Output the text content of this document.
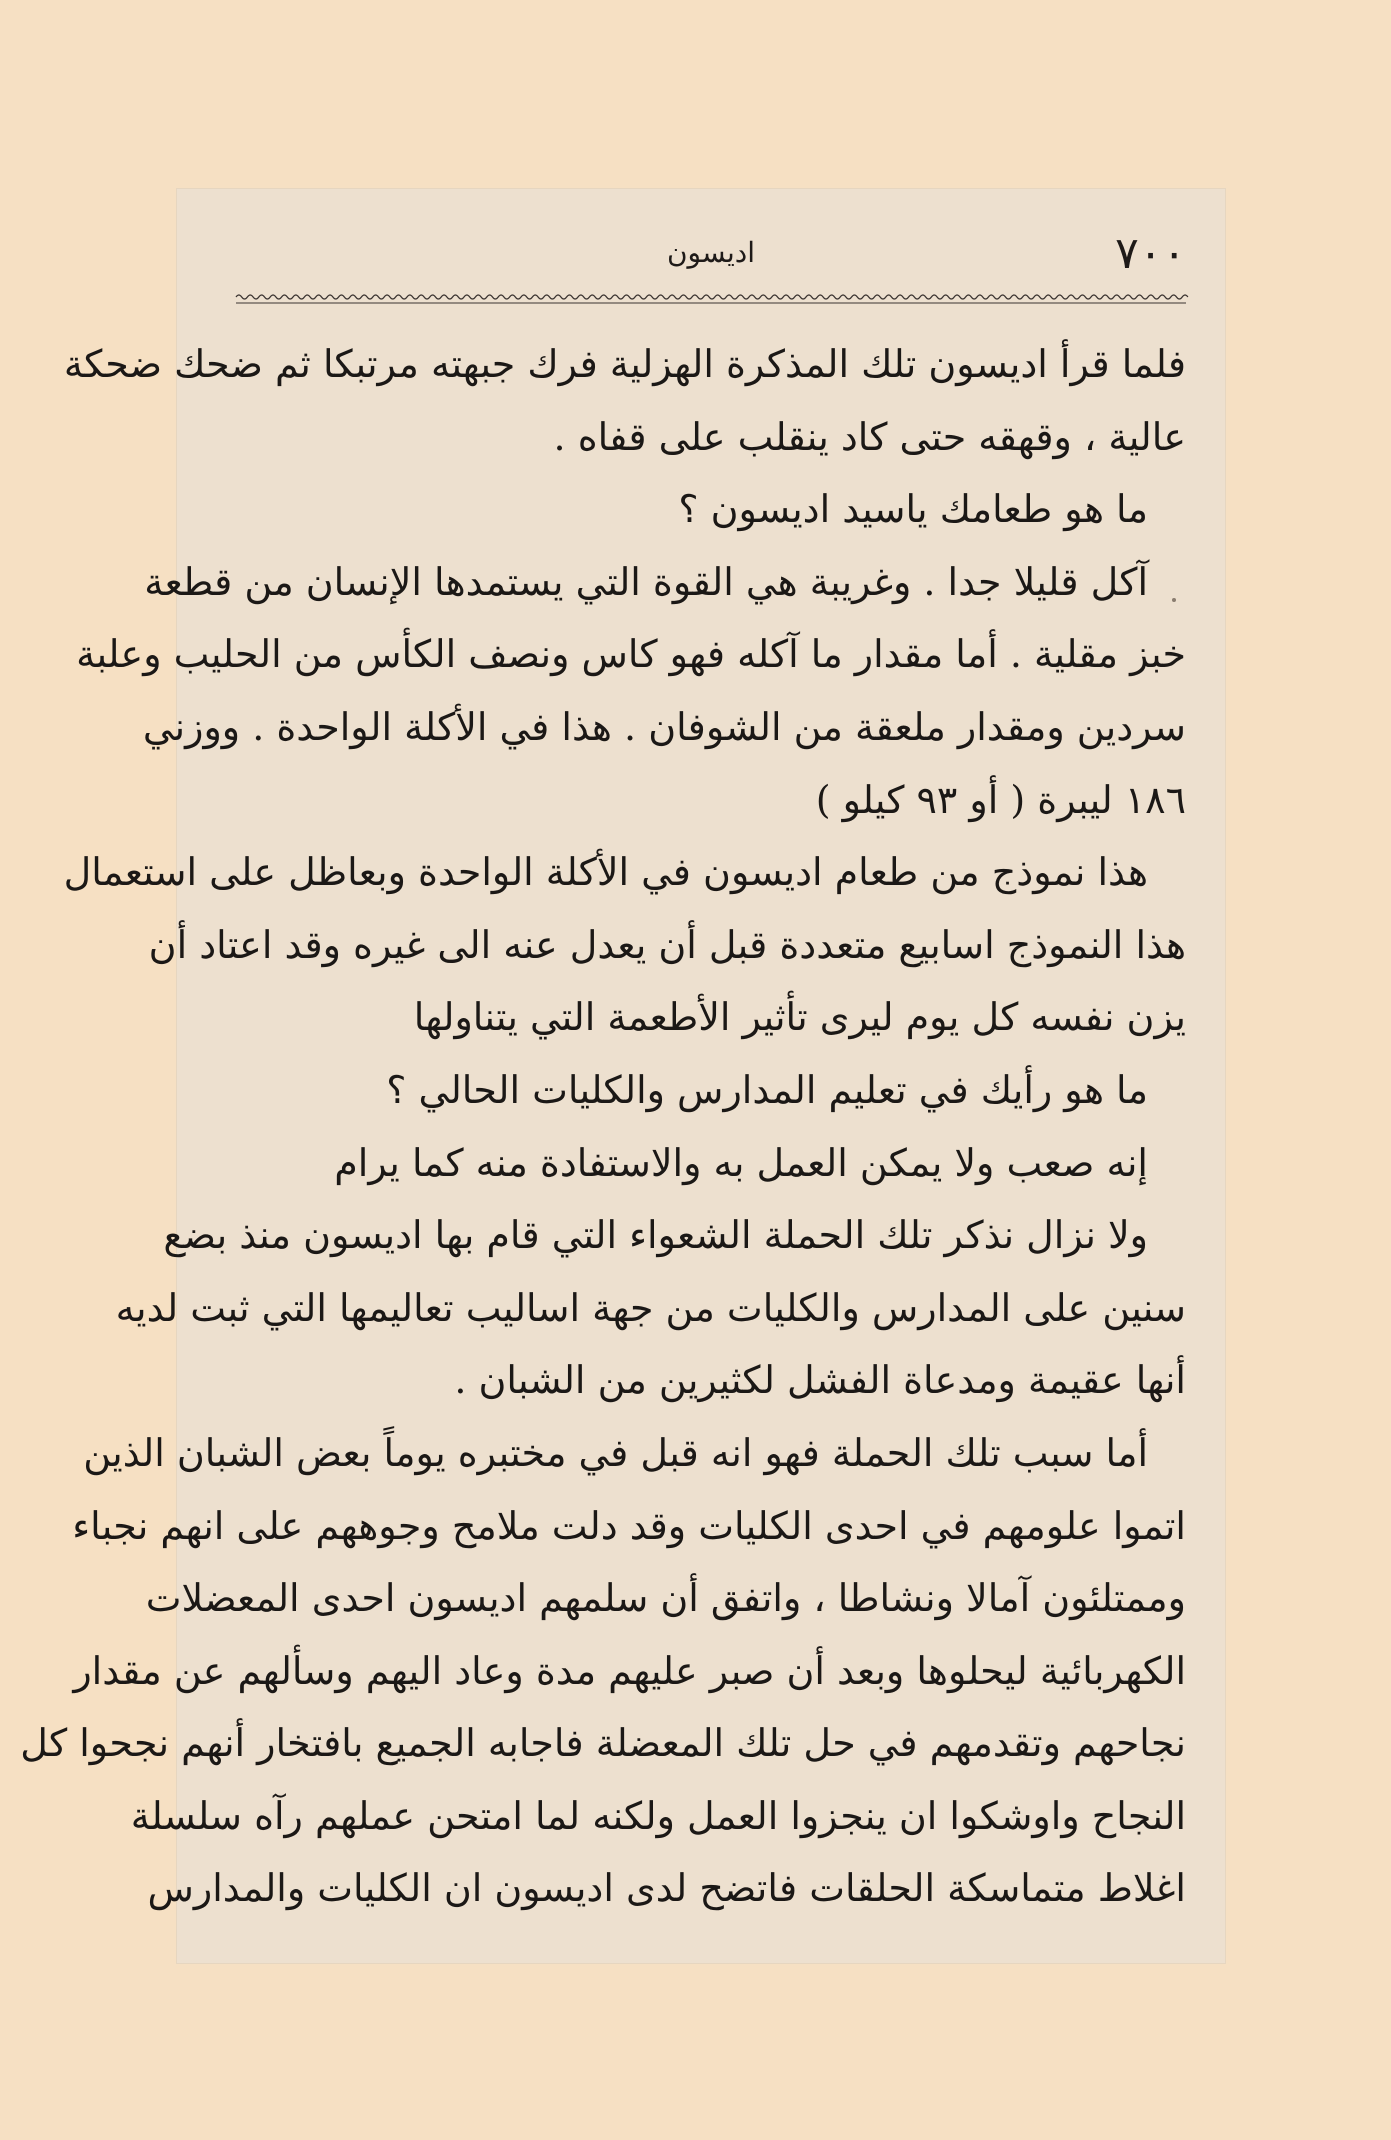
٧٠٠
اديسون
فلما قرأ اديسون تلك المذكرة الهزلية فرك جبهته مرتبكا ثم ضحك ضحكة
عالية ، وقهقه حتى كاد ينقلب على قفاه .
ما هو طعامك ياسيد اديسون ؟
آكل قليلا جدا . وغريبة هي القوة التي يستمدها الإنسان من قطعة
خبز مقلية . أما مقدار ما آكله فهو كاس ونصف الكأس من الحليب وعلبة
سردين ومقدار ملعقة من الشوفان . هذا في الأكلة الواحدة . ووزني
١٨٦ ليبرة ( أو ٩٣ كيلو )
هذا نموذج من طعام اديسون في الأكلة الواحدة وبعاظل على استعمال
هذا النموذج اسابيع متعددة قبل أن يعدل عنه الى غيره وقد اعتاد أن
يزن نفسه كل يوم ليرى تأثير الأطعمة التي يتناولها
ما هو رأيك في تعليم المدارس والكليات الحالي ؟
إنه صعب ولا يمكن العمل به والاستفادة منه كما يرام
ولا نزال نذكر تلك الحملة الشعواء التي قام بها اديسون منذ بضع
سنين على المدارس والكليات من جهة اساليب تعاليمها التي ثبت لديه
أنها عقيمة ومدعاة الفشل لكثيرين من الشبان .
أما سبب تلك الحملة فهو انه قبل في مختبره يوماً بعض الشبان الذين
اتموا علومهم في احدى الكليات وقد دلت ملامح وجوههم على انهم نجباء
وممتلئون آمالا ونشاطا ، واتفق أن سلمهم اديسون احدى المعضلات
الكهربائية ليحلوها وبعد أن صبر عليهم مدة وعاد اليهم وسألهم عن مقدار
نجاحهم وتقدمهم في حل تلك المعضلة فاجابه الجميع بافتخار أنهم نجحوا كل
النجاح واوشكوا ان ينجزوا العمل ولكنه لما امتحن عملهم رآه سلسلة
اغلاط متماسكة الحلقات فاتضح لدى اديسون ان الكليات والمدارس
